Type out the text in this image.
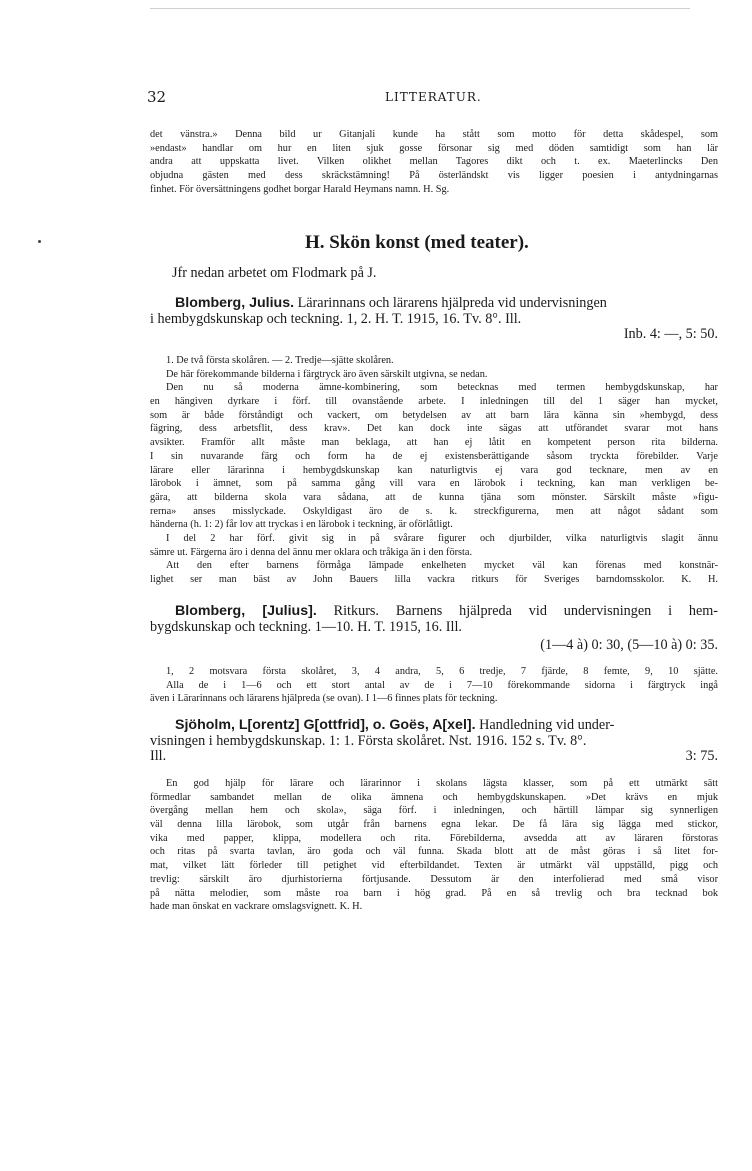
32	LITTERATUR.
det vänstra.» Denna bild ur Gitanjali kunde ha stått som motto för detta skådespel, som
»endast» handlar om hur en liten sjuk gosse försonar sig med döden samtidigt som han lär
andra att uppskatta livet. Vilken olikhet mellan Tagores dikt och t. ex. Maeterlincks Den
objudna gästen med dess skräckstämning! På österländskt vis ligger poesien i antydningarnas
finhet. För översättningens godhet borgar Harald Heymans namn. H. Sg.
H. Skön konst (med teater).
Jfr nedan arbetet om Flodmark på J.
Blomberg, Julius. Lärarinnans och lärarens hjälpreda vid undervisningen
i hembygdskunskap och teckning. 1, 2. H. T. 1915, 16. Tv. 8°. Ill.
Inb. 4: —, 5: 50.
1. De två första skolåren. — 2. Tredje—sjätte skolåren.
De här förekommande bilderna i färgtryck äro även särskilt utgivna, se nedan.
Den nu så moderna ämne-kombinering, som betecknas med termen hembygdskunskap, har
en hängiven dyrkare i förf. till ovanstående arbete. I inledningen till del 1 säger han mycket,
som är både förståndigt och vackert, om betydelsen av att barn lära känna sin »hembygd, dess
fägring, dess arbetsflit, dess krav». Det kan dock inte sägas att utförandet svarar mot hans
avsikter. Framför allt måste man beklaga, att han ej låtit en kompetent person rita bilderna.
I sin nuvarande färg och form ha de ej existensberättigande såsom tryckta förebilder. Varje
lärare eller lärarinna i hembygdskunskap kan naturligtvis ej vara god tecknare, men av en
lärobok i ämnet, som på samma gång vill vara en lärobok i teckning, kan man verkligen be-
gära, att bilderna skola vara sådana, att de kunna tjäna som mönster. Särskilt måste »figu-
rerna» anses misslyckade. Oskyldigast äro de s. k. streckfigurerna, men att något sådant som
händerna (h. 1: 2) får lov att tryckas i en lärobok i teckning, är oförlåtligt.
I del 2 har förf. givit sig in på svårare figurer och djurbilder, vilka naturligtvis slagit ännu
sämre ut. Färgerna äro i denna del ännu mer oklara och tråkiga än i den första.
Att den efter barnens förmåga lämpade enkelheten mycket väl kan förenas med konstnär-
lighet ser man bäst av John Bauers lilla vackra ritkurs för Sveriges barndomsskolor. K. H.
Blomberg, [Julius]. Ritkurs. Barnens hjälpreda vid undervisningen i hem-
bygdskunskap och teckning. 1—10. H. T. 1915, 16. Ill.
(1—4 à) 0: 30, (5—10 à) 0: 35.
1, 2 motsvara första skolåret, 3, 4 andra, 5, 6 tredje, 7 fjärde, 8 femte, 9, 10 sjätte.
Alla de i 1—6 och ett stort antal av de i 7—10 förekommande sidorna i färgtryck ingå
även i Lärarinnans och lärarens hjälpreda (se ovan). I 1—6 finnes plats för teckning.
Sjöholm, L[orentz] G[ottfrid], o. Goës, A[xel]. Handledning vid under-
visningen i hembygdskunskap. 1: 1. Första skolåret. Nst. 1916. 152 s. Tv. 8°.
Ill.	3: 75.
En god hjälp för lärare och lärarinnor i skolans lägsta klasser, som på ett utmärkt sätt
förmedlar sambandet mellan de olika ämnena och hembygdskunskapen. »Det krävs en mjuk
övergång mellan hem och skola», säga förf. i inledningen, och härtill lämpar sig synnerligen
väl denna lilla lärobok, som utgår från barnens egna lekar. De få lära sig lägga med stickor,
vika med papper, klippa, modellera och rita. Förebilderna, avsedda att av läraren förstoras
och ritas på svarta tavlan, äro goda och väl funna. Skada blott att de måst göras i så litet for-
mat, vilket lätt förleder till petighet vid efterbildandet. Texten är utmärkt väl uppställd, pigg och
trevlig: särskilt äro djurhistorierna förtjusande. Dessutom är den interfolierad med små visor
på nätta melodier, som måste roa barn i hög grad. På en så trevlig och bra tecknad bok
hade man önskat en vackrare omslagsvignett. K. H.
